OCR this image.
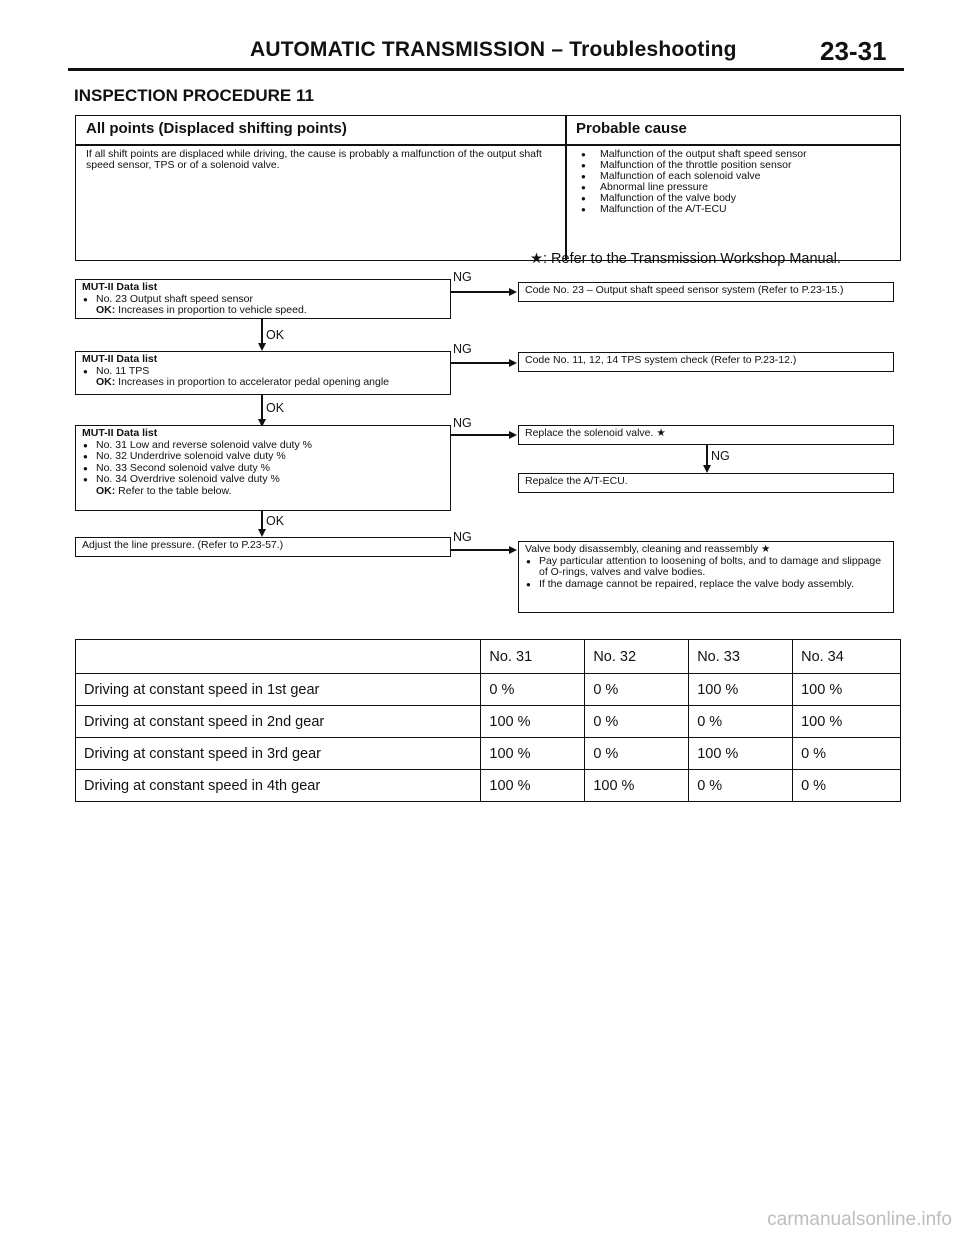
AUTOMATIC TRANSMISSION – Troubleshooting	23-31
INSPECTION PROCEDURE 11
All points (Displaced shifting points)	Probable cause
If all shift points are displaced while driving, the cause is probably a malfunction of the output shaft speed sensor, TPS or of a solenoid valve.
● Malfunction of the output shaft speed sensor
● Malfunction of the throttle position sensor
● Malfunction of each solenoid valve
● Abnormal line pressure
● Malfunction of the valve body
● Malfunction of the A/T-ECU
★: Refer to the Transmission Workshop Manual.
MUT-II Data list
● No. 23 Output shaft speed sensor
OK: Increases in proportion to vehicle speed.
NG
Code No. 23 – Output shaft speed sensor system (Refer to P.23-15.)
OK
MUT-II Data list
● No. 11 TPS
OK: Increases in proportion to accelerator pedal opening angle
NG
Code No. 11, 12, 14 TPS system check (Refer to P.23-12.)
OK
MUT-II Data list
● No. 31 Low and reverse solenoid valve duty %
● No. 32 Underdrive solenoid valve duty %
● No. 33 Second solenoid valve duty %
● No. 34 Overdrive solenoid valve duty %
OK: Refer to the table below.
NG
Replace the solenoid valve. ★
NG
Repalce the A/T-ECU.
OK
Adjust the line pressure. (Refer to P.23-57.)
NG
Valve body disassembly, cleaning and reassembly ★
● Pay particular attention to loosening of bolts, and to damage and slippage of O-rings, valves and valve bodies.
● If the damage cannot be repaired, replace the valve body assembly.
	No. 31	No. 32	No. 33	No. 34
Driving at constant speed in 1st gear	0 %	0 %	100 %	100 %
Driving at constant speed in 2nd gear	100 %	0 %	0 %	100 %
Driving at constant speed in 3rd gear	100 %	0 %	100 %	0 %
Driving at constant speed in 4th gear	100 %	100 %	0 %	0 %
carmanualsonline.info
